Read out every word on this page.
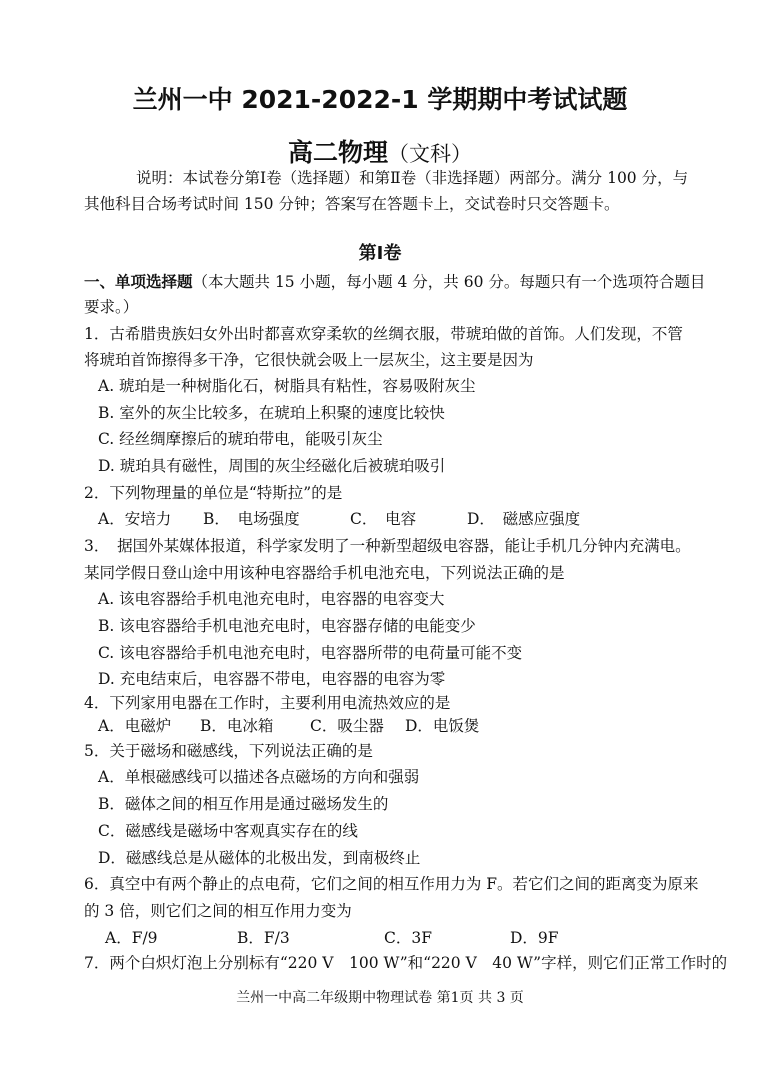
兰州一中 2021-2022-1 学期期中考试试题
高二物理（文科）
说明：本试卷分第Ⅰ卷（选择题）和第Ⅱ卷（非选择题）两部分。满分 100 分，与
其他科目合场考试时间 150 分钟；答案写在答题卡上，交试卷时只交答题卡。
第Ⅰ卷
一、单项选择题（本大题共 15 小题，每小题 4 分，共 60 分。每题只有一个选项符合题目
要求。）
1．古希腊贵族妇女外出时都喜欢穿柔软的丝绸衣服，带琥珀做的首饰。人们发现，不管
将琥珀首饰擦得多干净，它很快就会吸上一层灰尘，这主要是因为
A. 琥珀是一种树脂化石，树脂具有粘性，容易吸附灰尘
B. 室外的灰尘比较多，在琥珀上积聚的速度比较快
C. 经丝绸摩擦后的琥珀带电，能吸引灰尘
D. 琥珀具有磁性，周围的灰尘经磁化后被琥珀吸引
2．下列物理量的单位是“特斯拉”的是
A．安培力 B．　电场强度	C．　电容	D．　磁感应强度
3．　据国外某媒体报道，科学家发明了一种新型超级电容器，能让手机几分钟内充满电。
某同学假日登山途中用该种电容器给手机电池充电，下列说法正确的是
A. 该电容器给手机电池充电时，电容器的电容变大
B. 该电容器给手机电池充电时，电容器存储的电能变少
C. 该电容器给手机电池充电时，电容器所带的电荷量可能不变
D. 充电结束后，电容器不带电，电容器的电容为零
4．下列家用电器在工作时，主要利用电流热效应的是
A．电磁炉 B．电冰箱 C．吸尘器 D．电饭煲
5．关于磁场和磁感线，下列说法正确的是
A．单根磁感线可以描述各点磁场的方向和强弱
B．磁体之间的相互作用是通过磁场发生的
C．磁感线是磁场中客观真实存在的线
D．磁感线总是从磁体的北极出发，到南极终止
6．真空中有两个静止的点电荷，它们之间的相互作用力为 F。若它们之间的距离变为原来
的 3 倍，则它们之间的相互作用力变为
A．F/9	B．F/3	C．3F	D．9F
7．两个白炽灯泡上分别标有“220 V　100 W”和“220 V　40 W”字样，则它们正常工作时的
兰州一中高二年级期中物理试卷 第1页 共 3 页
